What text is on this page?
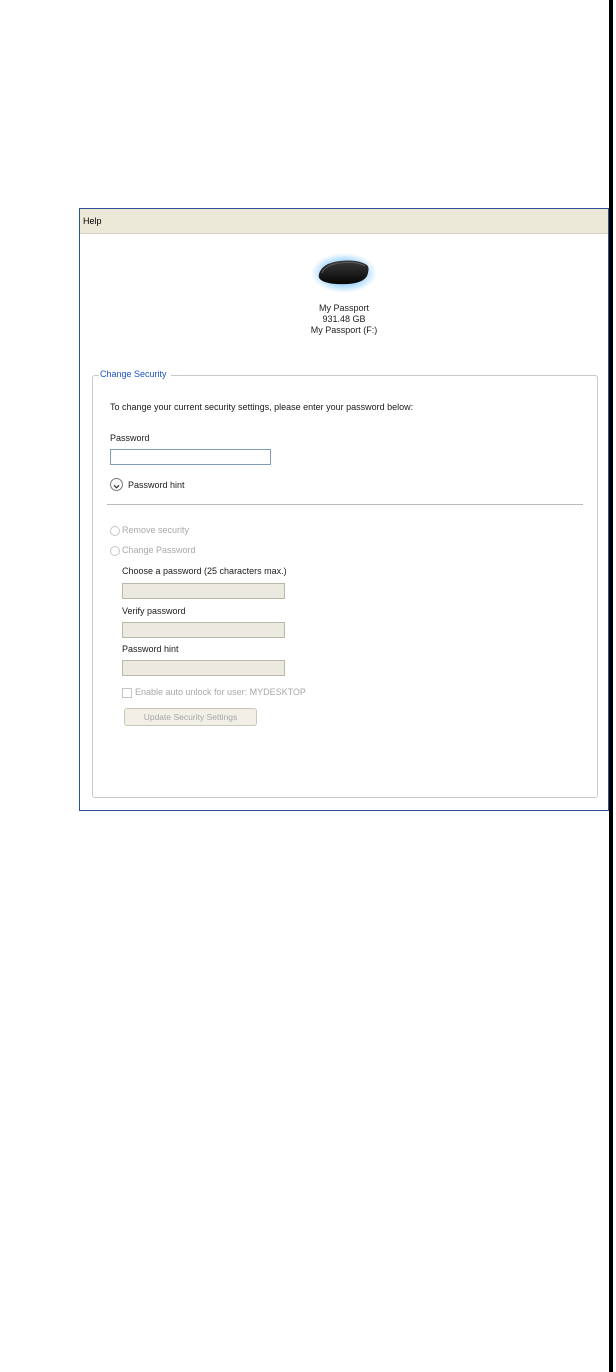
Help
My Passport
931.48 GB
My Passport (F:)
Change Security
To change your current security settings, please enter your password below:
Password
Password hint
Remove security
Change Password
Choose a password (25 characters max.)
Verify password
Password hint
Enable auto unlock for user: MYDESKTOP
Update Security Settings
